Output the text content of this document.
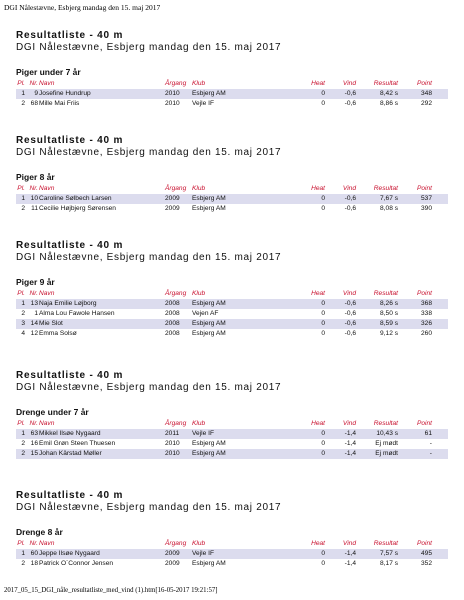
DGI Nålestævne, Esbjerg mandag den 15. maj 2017
Resultatliste - 40 m
DGI Nålestævne, Esbjerg mandag den 15. maj 2017
Piger under 7 år
Pl. Nr. Navn	Årgang Klub	Heat	Vind	Resultat	Point
1	9 Josefine Hundrup	2010 Esbjerg AM	0	-0,6	8,42 s	348
2 68 Mille Mai Friis	2010 Vejle IF	0	-0,6	8,86 s	292
Resultatliste - 40 m
DGI Nålestævne, Esbjerg mandag den 15. maj 2017
Piger 8 år
Pl. Nr. Navn	Årgang Klub	Heat	Vind	Resultat	Point
1 10 Caroline Sølbech Larsen	2009 Esbjerg AM	0	-0,6	7,67 s	537
2 11 Cecilie Højbjerg Sørensen	2009 Esbjerg AM	0	-0,6	8,08 s	390
Resultatliste - 40 m
DGI Nålestævne, Esbjerg mandag den 15. maj 2017
Piger 9 år
Pl. Nr. Navn	Årgang Klub	Heat	Vind	Resultat	Point
1 13 Naja Emilie Løjborg	2008 Esbjerg AM	0	-0,6	8,26 s	368
2	1 Alma Lou Fawole Hansen	2008 Vejen AF	0	-0,6	8,50 s	338
3 14 Mie Slot	2008 Esbjerg AM	0	-0,6	8,59 s	326
4 12 Emma Solsø	2008 Esbjerg AM	0	-0,6	9,12 s	260
Resultatliste - 40 m
DGI Nålestævne, Esbjerg mandag den 15. maj 2017
Drenge under 7 år
Pl. Nr. Navn	Årgang Klub	Heat	Vind	Resultat	Point
1 63 Mikkel Ilsøe Nygaard	2011 Vejle IF	0	-1,4	10,43 s	61
2 16 Emil Grøn Steen Thuesen	2010 Esbjerg AM	0	-1,4	Ej mødt	-
2 15 Johan Kärstad Møller	2010 Esbjerg AM	0	-1,4	Ej mødt	-
Resultatliste - 40 m
DGI Nålestævne, Esbjerg mandag den 15. maj 2017
Drenge 8 år
Pl. Nr. Navn	Årgang Klub	Heat	Vind	Resultat	Point
1 60 Jeppe Ilsøe Nygaard	2009 Vejle IF	0	-1,4	7,57 s	495
2 18 Patrick O´Connor Jensen	2009 Esbjerg AM	0	-1,4	8,17 s	352
2017_05_15_DGI_nåle_resultatliste_med_vind (1).htm[16-05-2017 19:21:57]
